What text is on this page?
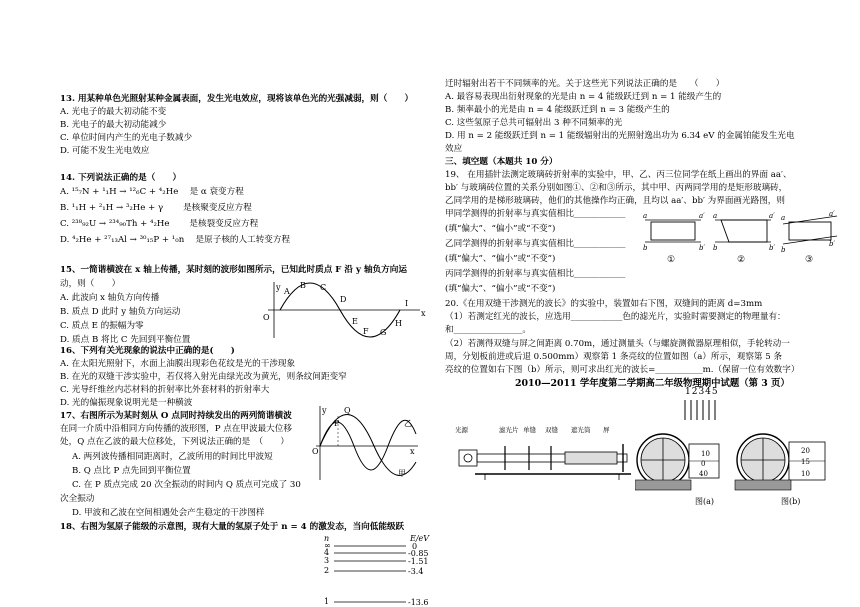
13. 用某种单色光照射某种金属表面，发生光电效应，现将该单色光的光强减弱，则（　　）
A. 光电子的最大初动能不变
B. 光电子的最大初动能减少
C. 单位时间内产生的光电子数减少
D. 可能不发生光电效应
14. 下列说法正确的是（　　）
A. ¹⁵₇N + ¹₁H → ¹²₆C + ⁴₂He　 是 α 衰变方程
B. ¹₁H + ²₁H → ³₂He + γ　　 是核聚变反应方程
C. ²³⁸₉₂U → ²³⁴₉₀Th + ⁴₂He　　 是核裂变反应方程
D. ⁴₂He + ²⁷₁₃Al → ³⁰₁₅P + ¹₀n　 是原子核的人工转变方程
15、一简谐横波在 x 轴上传播，某时刻的波形如图所示，已知此时质点 F 沿 y 轴负方向运
动，则（　　）
A. 此波向 x 轴负方向传播
B. 质点 D 此时 y 轴负方向运动
C. 质点 E 的振幅为零
D. 质点 B 将比 C 先回到平衡位置
y
x
A
B C
D
E
F G
H
I
O
16、下列有关光现象的说法中正确的是(　　)
A. 在太阳光照射下，水面上油膜出现彩色花纹是光的干涉现象
B. 在光的双缝干涉实验中，若仅将入射光由绿光改为黄光，则条纹间距变窄
C. 光导纤维丝内芯材料的折射率比外套材料的折射率大
D. 光的偏振现象说明光是一种横波
17、右图所示为某时刻从 O 点同时持续发出的两列简谐横波
在同一介质中沿相同方向传播的波形图，P 点在甲波最大位移
处，Q 点在乙波的最大位移处，下列说法正确的是　（　　）
A. 两列波传播相同距离时，乙波所用的时间比甲波短
B. Q 点比 P 点先回到平衡位置
C. 在 P 质点完成 20 次全振动的时间内 Q 质点可完成了 30
次全振动
D. 甲波和乙波在空间相遇处会产生稳定的干涉图样
y
x
O
P
Q
乙
甲
18、右图为氢原子能级的示意图，现有大量的氢原子处于 n = 4 的激发态，当向低能级跃
n	E/eV
∞	0
4	-0.85
3	-1.51
2	-3.4
1	-13.6
迁时辐射出若干不同频率的光。关于这些光下列说法正确的是　　（　　）
A. 最容易表现出衍射现象的光是由 n = 4 能级跃迁到 n = 1 能级产生的
B. 频率最小的光是由 n = 4 能级跃迁到 n = 3 能级产生的
C. 这些氢原子总共可辐射出 3 种不同频率的光
D. 用 n = 2 能级跃迁到 n = 1 能级辐射出的光照射逸出功为 6.34 eV 的金属铂能发生光电
效应
三、填空题（本题共 10 分）
19、 在用插针法测定玻璃砖折射率的实验中，甲、乙、丙三位同学在纸上画出的界面 aa′、
bb′ 与玻璃砖位置的关系分别如图①、②和③所示，其中甲、丙两同学用的是矩形玻璃砖，
乙同学用的是梯形玻璃砖，他们的其他操作均正确，且均以 aa′、bb′ 为界面画光路图，则
甲同学测得的折射率与真实值相比____________
(填“偏大”、“偏小”或“不变”)
乙同学测得的折射率与真实值相比____________
(填“偏大”、“偏小”或“不变”)
丙同学测得的折射率与真实值相比____________
(填“偏大”、“偏小”或“不变”)
a	a′
b	b′
①
a	a′
b	b′
②
a	a′
b
b′
③
20.《在用双缝干涉测光的波长》的实验中，装置如右下图，双缝间的距离 d=3mm
（1）若测定红光的波长，应选用____________色的滤光片，实验时需要测定的物理量有：
和________________。
（2）若测得双缝与屏之间距离 0.70m，通过测量头（与螺旋测微器原理相似，手轮转动一
周，分划板前进或后退 0.500mm）观察第 1 条亮纹的位置如图（a）所示，观察第 5 条
亮纹的位置如右下图（b）所示，则可求出红光的波长=___________m.（保留一位有效数字）
2010—2011 学年度第二学期高二年级物理期中试题（第 3 页）
光源	滤光片 单缝 双缝 遮光筒 屏
12345
10
0
40
20
15
10
图(a)	图(b)
